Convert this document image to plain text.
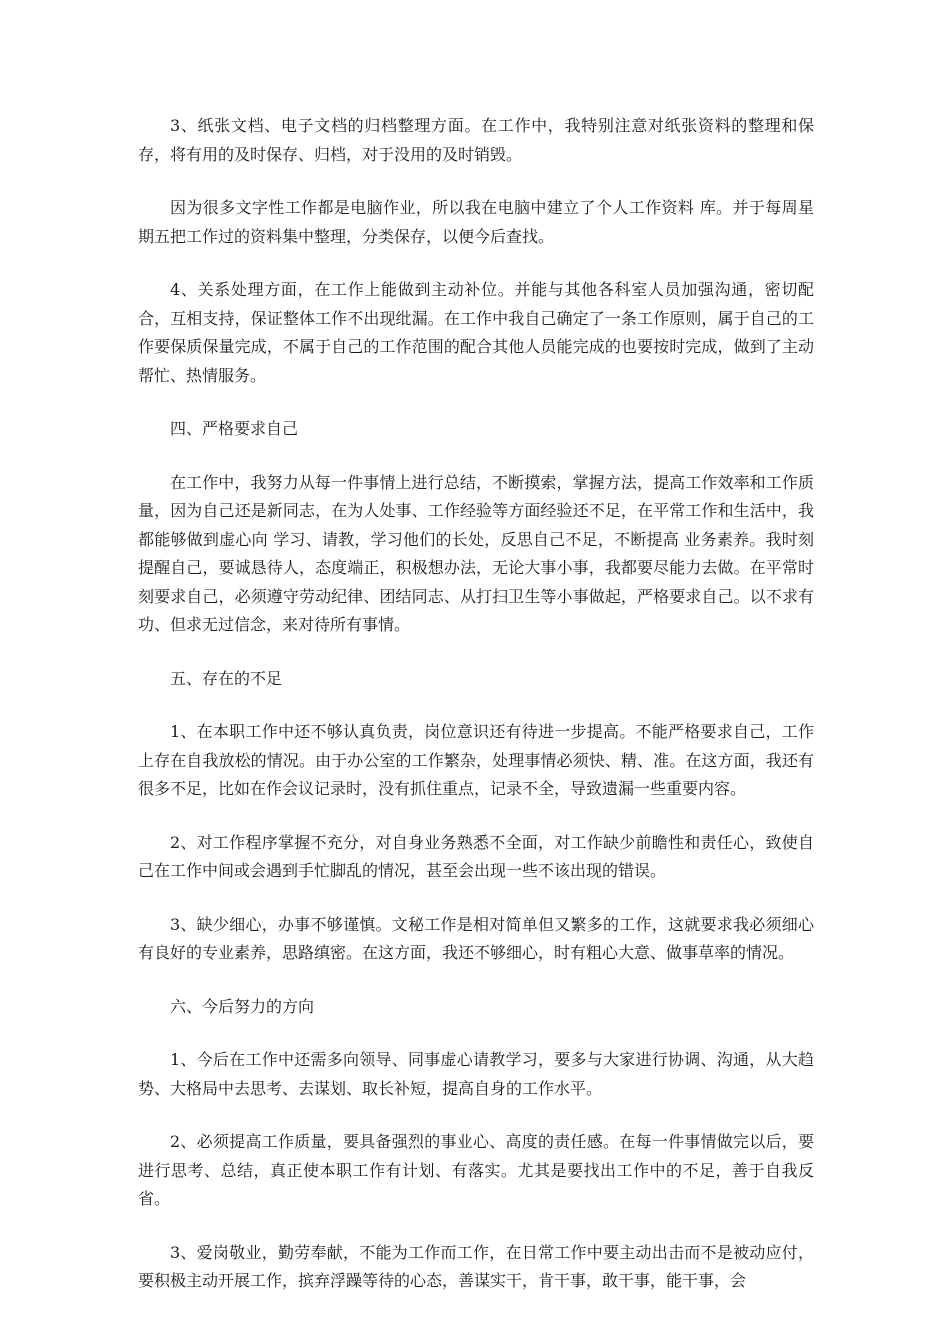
3、纸张文档、电子文档的归档整理方面。在工作中，我特别注意对纸张资料的整理和保存，将有用的及时保存、归档，对于没用的及时销毁。

因为很多文字性工作都是电脑作业，所以我在电脑中建立了个人工作资料 库。并于每周星期五把工作过的资料集中整理，分类保存，以便今后查找。

4、关系处理方面，在工作上能做到主动补位。并能与其他各科室人员加强沟通，密切配合，互相支持，保证整体工作不出现纰漏。在工作中我自己确定了一条工作原则，属于自己的工作要保质保量完成，不属于自己的工作范围的配合其他人员能完成的也要按时完成，做到了主动帮忙、热情服务。

四、严格要求自己

在工作中，我努力从每一件事情上进行总结，不断摸索，掌握方法，提高工作效率和工作质量，因为自己还是新同志，在为人处事、工作经验等方面经验还不足，在平常工作和生活中，我都能够做到虚心向 学习、请教，学习他们的长处，反思自己不足，不断提高 业务素养。我时刻提醒自己，要诚恳待人，态度端正，积极想办法，无论大事小事，我都要尽能力去做。在平常时刻要求自己，必须遵守劳动纪律、团结同志、从打扫卫生等小事做起，严格要求自己。以不求有功、但求无过信念，来对待所有事情。

五、存在的不足

1、在本职工作中还不够认真负责，岗位意识还有待进一步提高。不能严格要求自己，工作上存在自我放松的情况。由于办公室的工作繁杂，处理事情必须快、精、准。在这方面，我还有很多不足，比如在作会议记录时，没有抓住重点，记录不全，导致遗漏一些重要内容。

2、对工作程序掌握不充分，对自身业务熟悉不全面，对工作缺少前瞻性和责任心，致使自己在工作中间或会遇到手忙脚乱的情况，甚至会出现一些不该出现的错误。

3、缺少细心，办事不够谨慎。文秘工作是相对简单但又繁多的工作，这就要求我必须细心有良好的专业素养，思路缜密。在这方面，我还不够细心，时有粗心大意、做事草率的情况。

六、今后努力的方向

1、今后在工作中还需多向领导、同事虚心请教学习，要多与大家进行协调、沟通，从大趋势、大格局中去思考、去谋划、取长补短，提高自身的工作水平。

2、必须提高工作质量，要具备强烈的事业心、高度的责任感。在每一件事情做完以后，要进行思考、总结，真正使本职工作有计划、有落实。尤其是要找出工作中的不足，善于自我反省。

3、爱岗敬业，勤劳奉献，不能为工作而工作，在日常工作中要主动出击而不是被动应付，要积极主动开展工作，摈弃浮躁等待的心态，善谋实干，肯干事，敢干事，能干事，会
